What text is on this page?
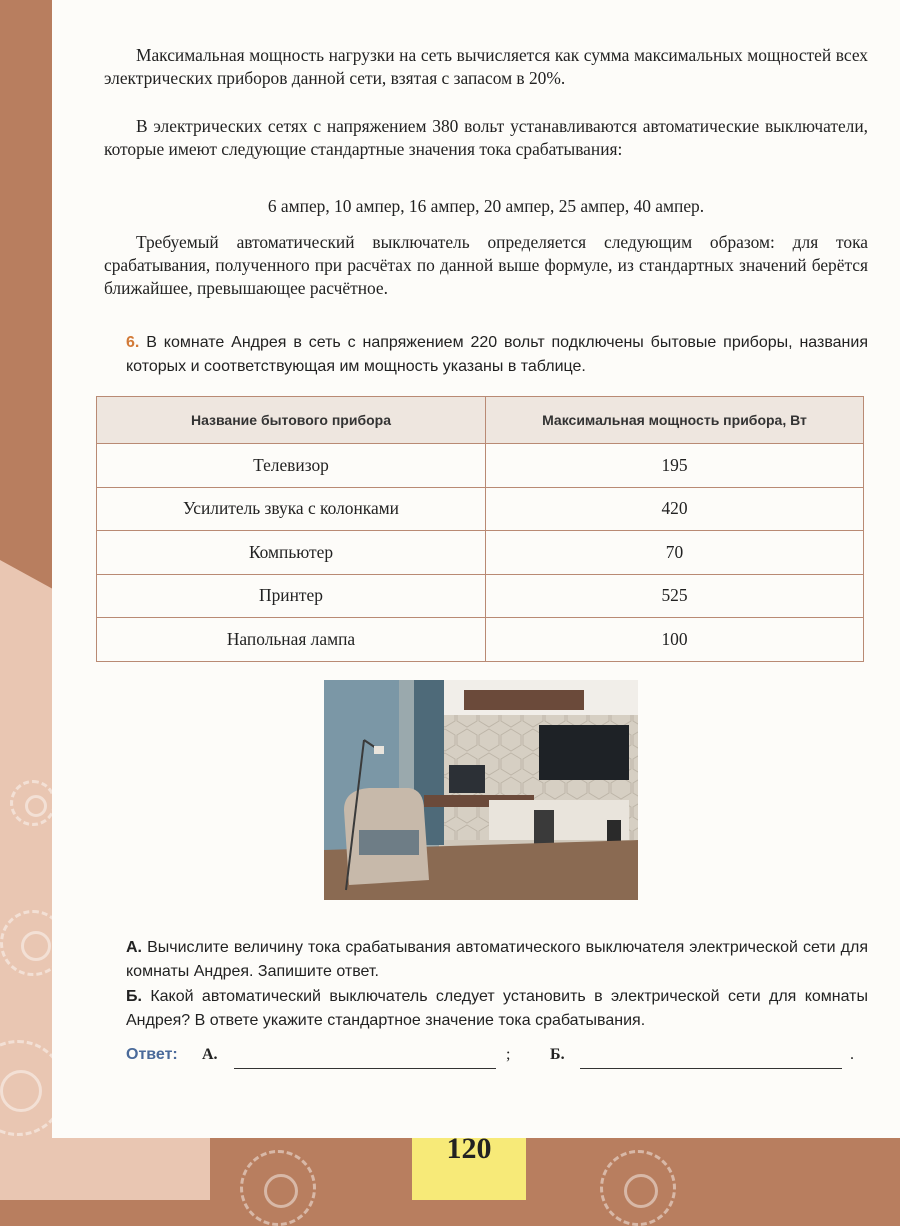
Максимальная мощность нагрузки на сеть вычисляется как сумма максимальных мощностей всех электрических приборов данной сети, взятая с запасом в 20%.

В электрических сетях с напряжением 380 вольт устанавливаются автоматические выключатели, которые имеют следующие стандартные значения тока срабатывания:

6 ампер, 10 ампер, 16 ампер, 20 ампер, 25 ампер, 40 ампер.

Требуемый автоматический выключатель определяется следующим образом: для тока срабатывания, полученного при расчётах по данной выше формуле, из стандартных значений берётся ближайшее, превышающее расчётное.

6. В комнате Андрея в сеть с напряжением 220 вольт подключены бытовые приборы, названия которых и соответствующая им мощность указаны в таблице.

Название бытового прибора	Максимальная мощность прибора, Вт
Телевизор	195
Усилитель звука с колонками	420
Компьютер	70
Принтер	525
Напольная лампа	100

А. Вычислите величину тока срабатывания автоматического выключателя электрической сети для комнаты Андрея. Запишите ответ.

Б. Какой автоматический выключатель следует установить в электрической сети для комнаты Андрея? В ответе укажите стандартное значение тока срабатывания.

Ответ: А.	; Б.	.
120
